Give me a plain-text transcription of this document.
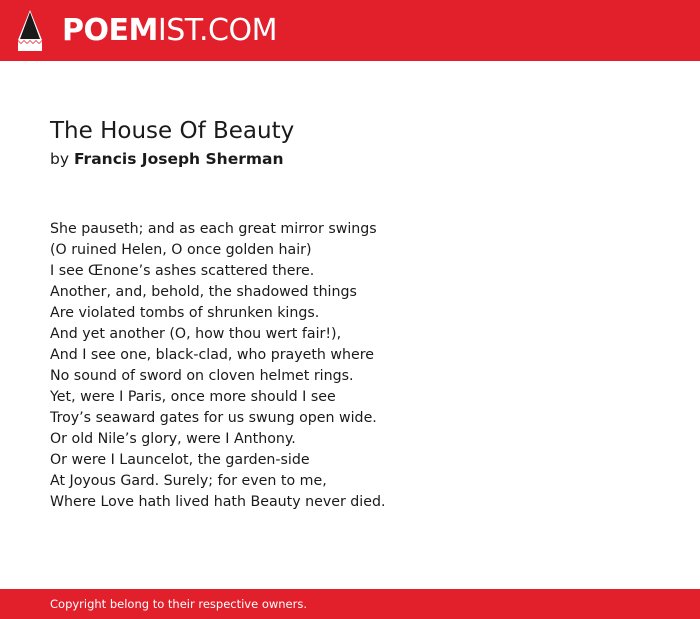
POEMIST.COM
The House Of Beauty
by Francis Joseph Sherman
She pauseth; and as each great mirror swings
(O ruined Helen, O once golden hair)
I see Œnone’s ashes scattered there.
Another, and, behold, the shadowed things
Are violated tombs of shrunken kings.
And yet another (O, how thou wert fair!),
And I see one, black-clad, who prayeth where
No sound of sword on cloven helmet rings.
Yet, were I Paris, once more should I see
Troy’s seaward gates for us swung open wide.
Or old Nile’s glory, were I Anthony.
Or were I Launcelot, the garden-side
At Joyous Gard. Surely; for even to me,
Where Love hath lived hath Beauty never died.
Copyright belong to their respective owners.
